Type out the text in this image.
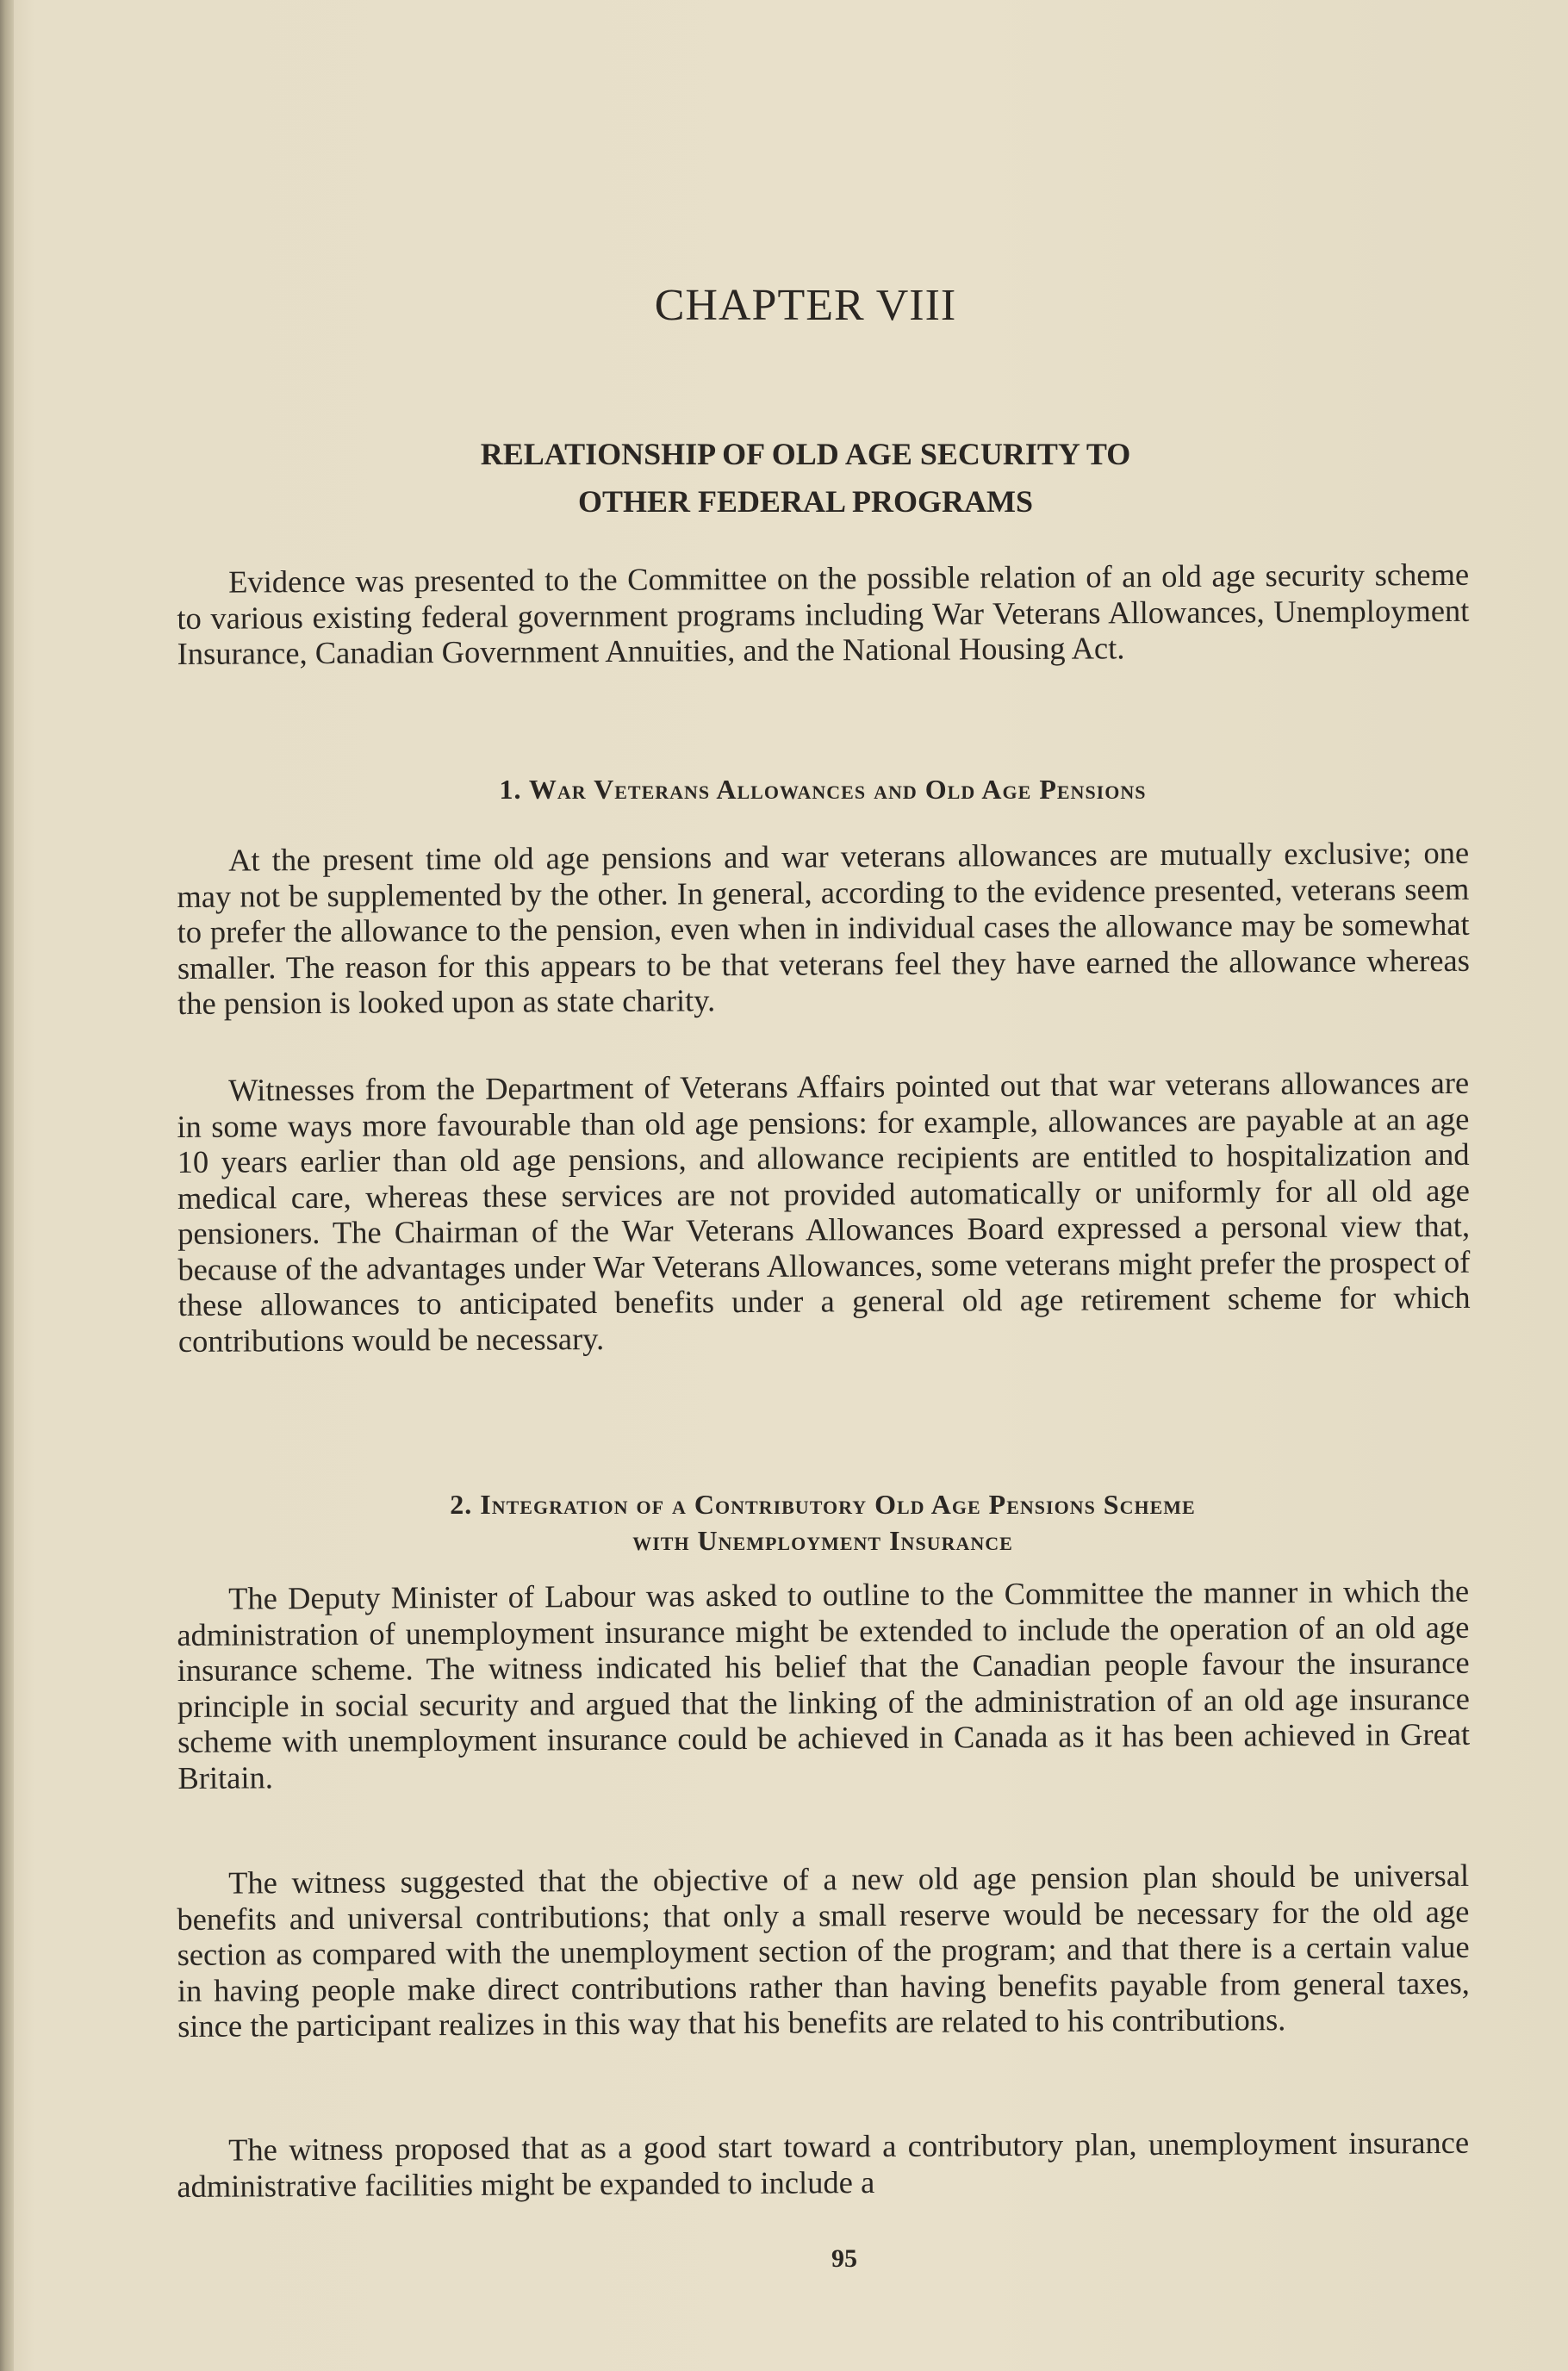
CHAPTER VIII
RELATIONSHIP OF OLD AGE SECURITY TO
OTHER FEDERAL PROGRAMS

Evidence was presented to the Committee on the possible relation of an old age security scheme to various existing federal government programs including War Veterans Allowances, Unemployment Insurance, Canadian Government Annuities, and the National Housing Act.

1. War Veterans Allowances and Old Age Pensions

At the present time old age pensions and war veterans allowances are mutually exclusive; one may not be supplemented by the other. In general, according to the evidence presented, veterans seem to prefer the allowance to the pension, even when in individual cases the allowance may be somewhat smaller. The reason for this appears to be that veterans feel they have earned the allowance whereas the pension is looked upon as state charity.

Witnesses from the Department of Veterans Affairs pointed out that war veterans allowances are in some ways more favourable than old age pensions: for example, allowances are payable at an age 10 years earlier than old age pensions, and allowance recipients are entitled to hospitalization and medical care, whereas these services are not provided automatically or uniformly for all old age pensioners. The Chairman of the War Veterans Allowances Board expressed a personal view that, because of the advantages under War Veterans Allowances, some veterans might prefer the prospect of these allowances to anticipated benefits under a general old age retirement scheme for which contributions would be necessary.

2. Integration of a Contributory Old Age Pensions Scheme
with Unemployment Insurance

The Deputy Minister of Labour was asked to outline to the Committee the manner in which the administration of unemployment insurance might be extended to include the operation of an old age insurance scheme. The witness indicated his belief that the Canadian people favour the insurance principle in social security and argued that the linking of the administration of an old age insurance scheme with unemployment insurance could be achieved in Canada as it has been achieved in Great Britain.

The witness suggested that the objective of a new old age pension plan should be universal benefits and universal contributions; that only a small reserve would be necessary for the old age section as compared with the unemployment section of the program; and that there is a certain value in having people make direct contributions rather than having benefits payable from general taxes, since the participant realizes in this way that his benefits are related to his contributions.

The witness proposed that as a good start toward a contributory plan, unemployment insurance administrative facilities might be expanded to include a

95
